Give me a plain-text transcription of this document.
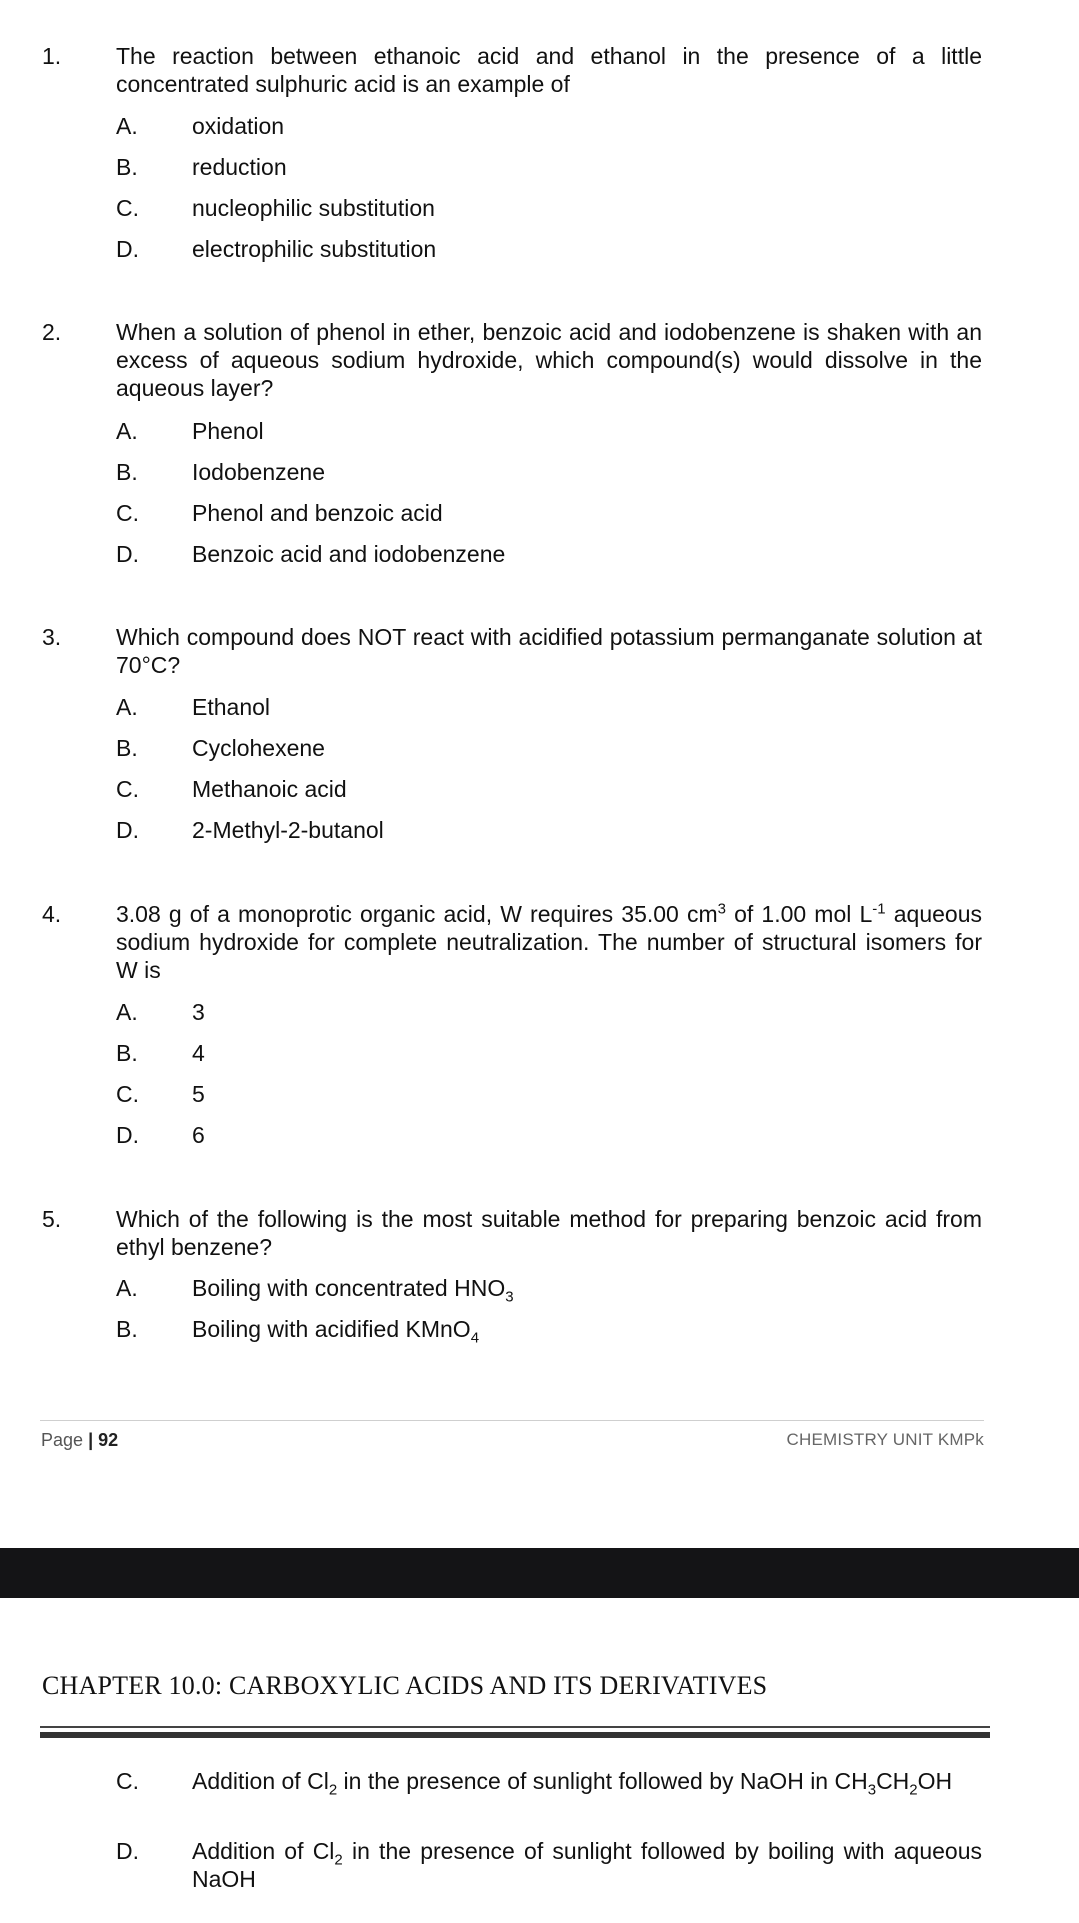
1. The reaction between ethanoic acid and ethanol in the presence of a little concentrated sulphuric acid is an example of
A. oxidation
B. reduction
C. nucleophilic substitution
D. electrophilic substitution
2. When a solution of phenol in ether, benzoic acid and iodobenzene is shaken with an excess of aqueous sodium hydroxide, which compound(s) would dissolve in the aqueous layer?
A. Phenol
B. Iodobenzene
C. Phenol and benzoic acid
D. Benzoic acid and iodobenzene
3. Which compound does NOT react with acidified potassium permanganate solution at 70°C?
A. Ethanol
B. Cyclohexene
C. Methanoic acid
D. 2-Methyl-2-butanol
4. 3.08 g of a monoprotic organic acid, W requires 35.00 $cm^3$ of 1.00 mol $L^{-1}$ aqueous sodium hydroxide for complete neutralization. The number of structural isomers for W is
A. 3
B. 4
C. 5
D. 6
5. Which of the following is the most suitable method for preparing benzoic acid from ethyl benzene?
A. Boiling with concentrated $HNO_3$
B. Boiling with acidified KMnO$_4$
Page | 92	CHEMISTRY UNIT KMPk
CHAPTER 10.0: CARBOXYLIC ACIDS AND ITS DERIVATIVES
C. Addition of $Cl_2$ in the presence of sunlight followed by NaOH in $CH_3CH_2OH$
D. Addition of $Cl_2$ in the presence of sunlight followed by boiling with aqueous NaOH
